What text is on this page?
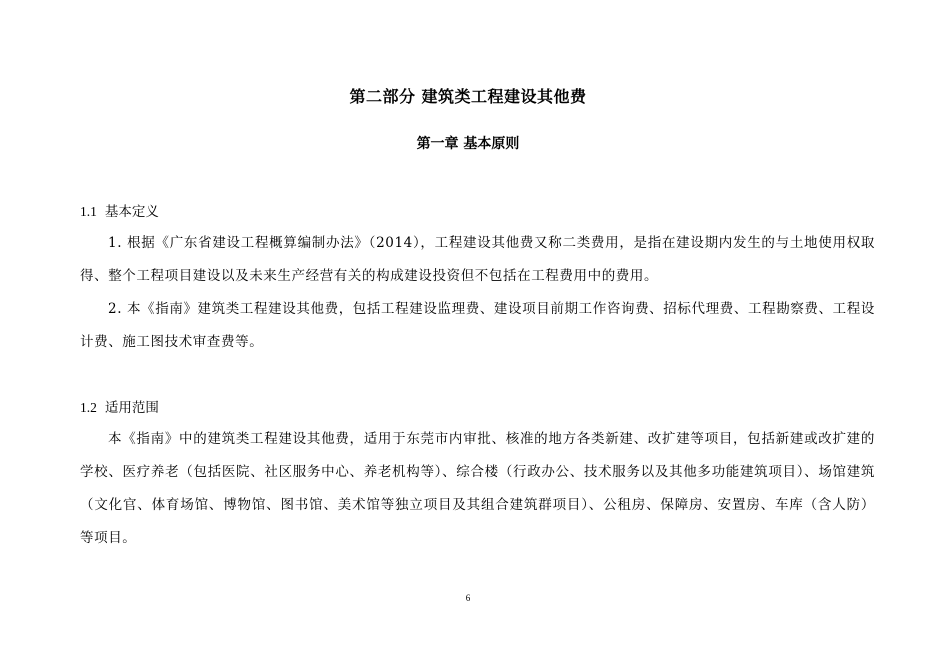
第二部分 建筑类工程建设其他费
第一章 基本原则
1.1 基本定义

1. 根据《广东省建设工程概算编制办法》（2014），工程建设其他费又称二类费用，是指在建设期内发生的与土地使用权取得、整个工程项目建设以及未来生产经营有关的构成建设投资但不包括在工程费用中的费用。

2. 本《指南》建筑类工程建设其他费，包括工程建设监理费、建设项目前期工作咨询费、招标代理费、工程勘察费、工程设计费、施工图技术审查费等。

1.2 适用范围

本《指南》中的建筑类工程建设其他费，适用于东莞市内审批、核准的地方各类新建、改扩建等项目，包括新建或改扩建的学校、医疗养老（包括医院、社区服务中心、养老机构等）、综合楼（行政办公、技术服务以及其他多功能建筑项目）、场馆建筑（文化官、体育场馆、博物馆、图书馆、美术馆等独立项目及其组合建筑群项目）、公租房、保障房、安置房、车库（含人防）等项目。

6
